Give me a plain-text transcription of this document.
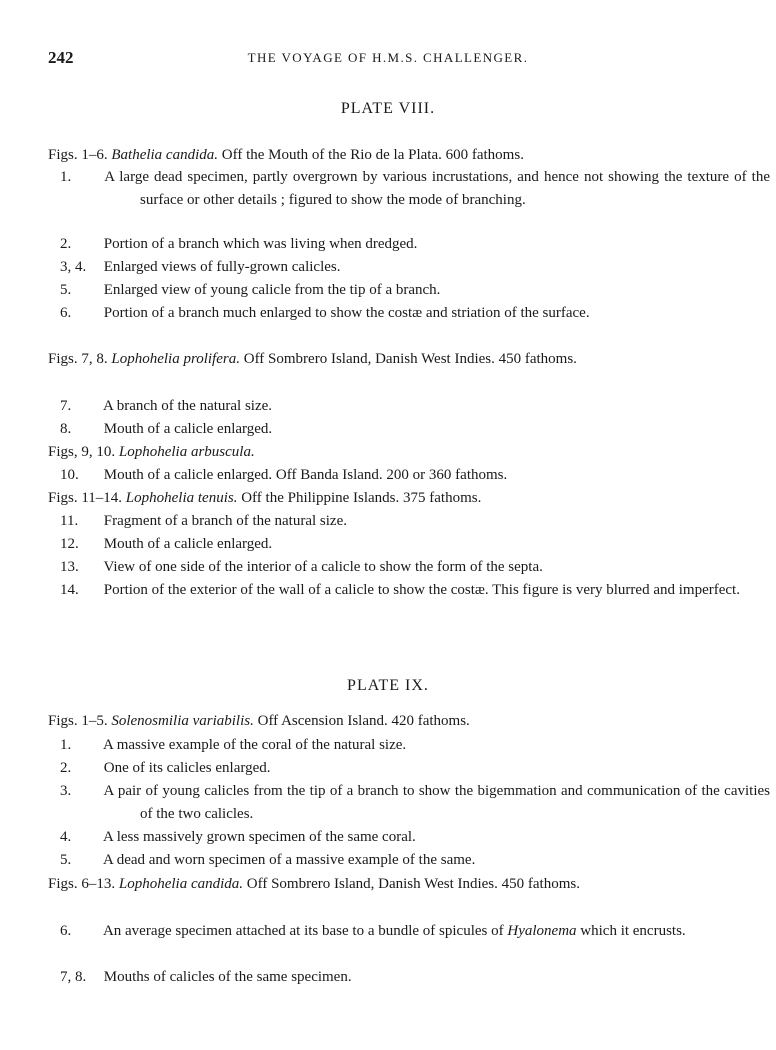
242	THE VOYAGE OF H.M.S. CHALLENGER.
PLATE VIII.
Figs. 1–6. Bathelia candida. Off the Mouth of the Rio de la Plata. 600 fathoms.
1. A large dead specimen, partly overgrown by various incrustations, and hence not showing the texture of the surface or other details ; figured to show the mode of branching.
2. Portion of a branch which was living when dredged.
3, 4. Enlarged views of fully-grown calicles.
5. Enlarged view of young calicle from the tip of a branch.
6. Portion of a branch much enlarged to show the costæ and striation of the surface.
Figs. 7, 8. Lophohelia prolifera. Off Sombrero Island, Danish West Indies. 450 fathoms.
7. A branch of the natural size.
8. Mouth of a calicle enlarged.
Figs, 9, 10. Lophohelia arbuscula.
10. Mouth of a calicle enlarged. Off Banda Island. 200 or 360 fathoms.
Figs. 11–14. Lophohelia tenuis. Off the Philippine Islands. 375 fathoms.
11. Fragment of a branch of the natural size.
12. Mouth of a calicle enlarged.
13. View of one side of the interior of a calicle to show the form of the septa.
14. Portion of the exterior of the wall of a calicle to show the costæ. This figure is very blurred and imperfect.
PLATE IX.
Figs. 1–5. Solenosmilia variabilis. Off Ascension Island. 420 fathoms.
1. A massive example of the coral of the natural size.
2. One of its calicles enlarged.
3. A pair of young calicles from the tip of a branch to show the bigemmation and communication of the cavities of the two calicles.
4. A less massively grown specimen of the same coral.
5. A dead and worn specimen of a massive example of the same.
Figs. 6–13. Lophohelia candida. Off Sombrero Island, Danish West Indies. 450 fathoms.
6. An average specimen attached at its base to a bundle of spicules of Hyalonema which it encrusts.
7, 8. Mouths of calicles of the same specimen.
